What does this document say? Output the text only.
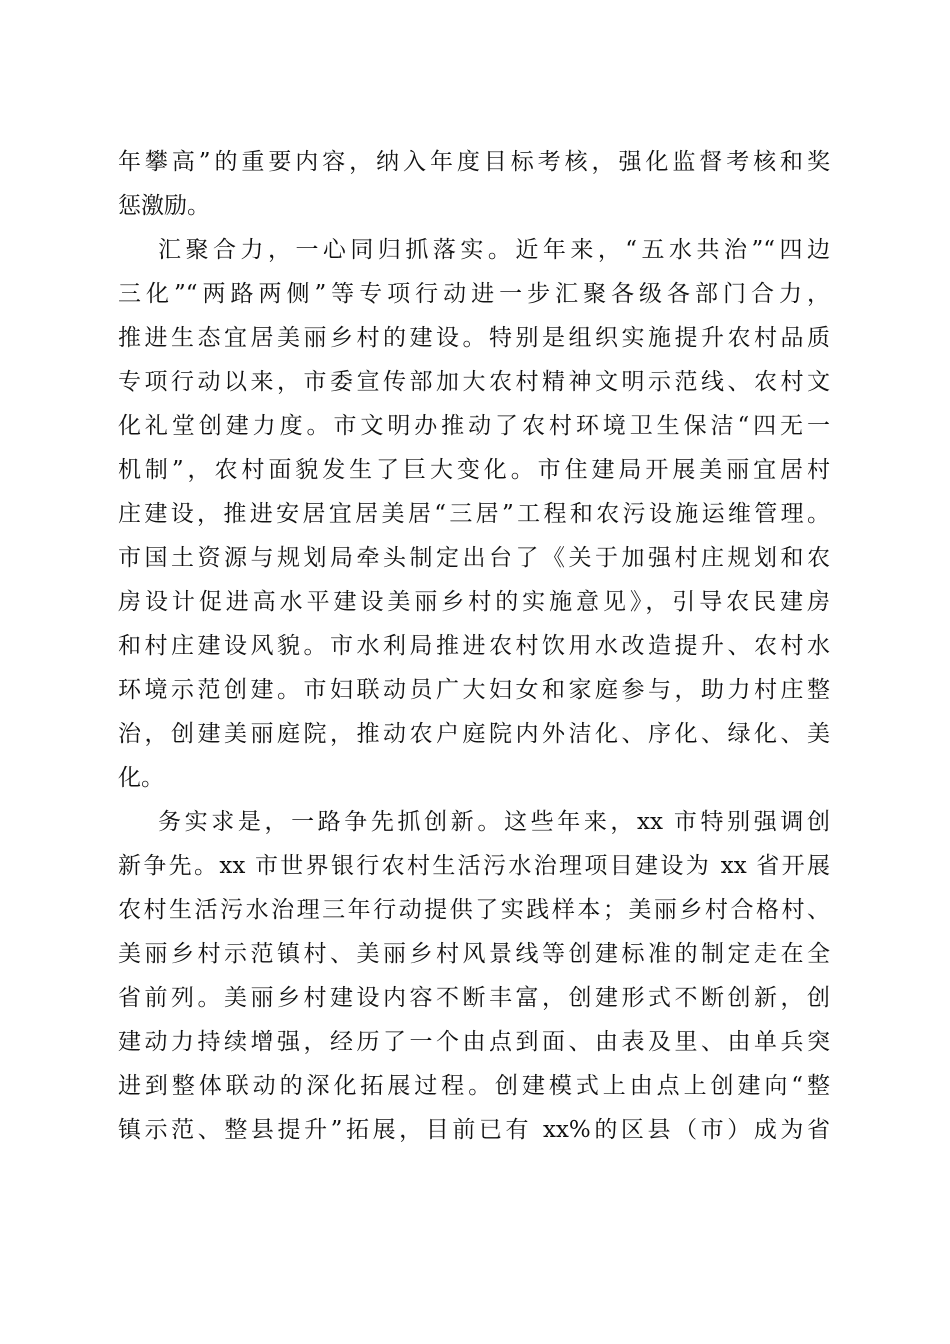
年攀高”的重要内容，纳入年度目标考核，强化监督考核和奖
惩激励。
汇聚合力，一心同归抓落实。近年来，“五水共治”“四边
三化”“两路两侧”等专项行动进一步汇聚各级各部门合力，
推进生态宜居美丽乡村的建设。特别是组织实施提升农村品质
专项行动以来，市委宣传部加大农村精神文明示范线、农村文
化礼堂创建力度。市文明办推动了农村环境卫生保洁“四无一
机制”，农村面貌发生了巨大变化。市住建局开展美丽宜居村
庄建设，推进安居宜居美居“三居”工程和农污设施运维管理。
市国土资源与规划局牵头制定出台了《关于加强村庄规划和农
房设计促进高水平建设美丽乡村的实施意见》，引导农民建房
和村庄建设风貌。市水利局推进农村饮用水改造提升、农村水
环境示范创建。市妇联动员广大妇女和家庭参与，助力村庄整
治，创建美丽庭院，推动农户庭院内外洁化、序化、绿化、美
化。
务实求是，一路争先抓创新。这些年来，xx 市特别强调创
新争先。xx 市世界银行农村生活污水治理项目建设为 xx 省开展
农村生活污水治理三年行动提供了实践样本；美丽乡村合格村、
美丽乡村示范镇村、美丽乡村风景线等创建标准的制定走在全
省前列。美丽乡村建设内容不断丰富，创建形式不断创新，创
建动力持续增强，经历了一个由点到面、由表及里、由单兵突
进到整体联动的深化拓展过程。创建模式上由点上创建向“整
镇示范、整县提升”拓展，目前已有 xx%的区县（市）成为省
